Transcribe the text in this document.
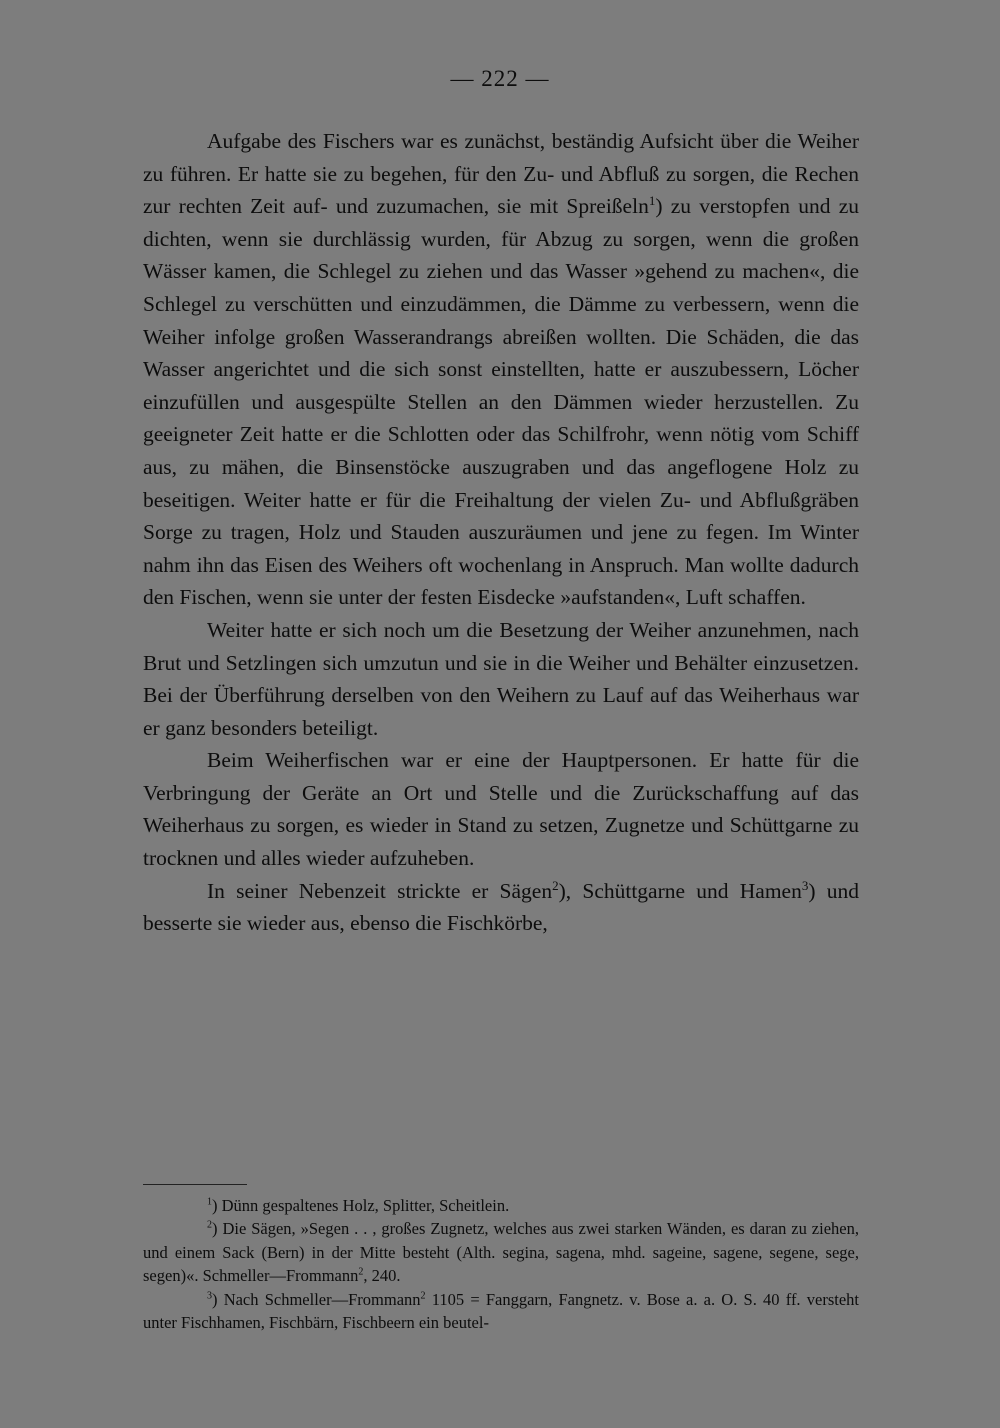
— 222 —

Aufgabe des Fischers war es zunächst, beständig Aufsicht über die Weiher zu führen. Er hatte sie zu begehen, für den Zu- und Abfluß zu sorgen, die Rechen zur rechten Zeit auf- und zuzumachen, sie mit Spreißeln$^1$) zu verstopfen und zu dichten, wenn sie durchlässig wurden, für Abzug zu sorgen, wenn die großen Wässer kamen, die Schlegel zu ziehen und das Wasser »gehend zu machen«, die Schlegel zu verschütten und einzudämmen, die Dämme zu verbessern, wenn die Weiher infolge großen Wasserandrangs abreißen wollten. Die Schäden, die das Wasser angerichtet und die sich sonst einstellten, hatte er auszubessern, Löcher einzufüllen und ausgespülte Stellen an den Dämmen wieder herzustellen. Zu geeigneter Zeit hatte er die Schlotten oder das Schilfrohr, wenn nötig vom Schiff aus, zu mähen, die Binsenstöcke auszugraben und das angeflogene Holz zu beseitigen. Weiter hatte er für die Freihaltung der vielen Zu- und Abflußgräben Sorge zu tragen, Holz und Stauden auszuräumen und jene zu fegen. Im Winter nahm ihn das Eisen des Weihers oft wochenlang in Anspruch. Man wollte dadurch den Fischen, wenn sie unter der festen Eisdecke »aufstanden«, Luft schaffen.

Weiter hatte er sich noch um die Besetzung der Weiher anzunehmen, nach Brut und Setzlingen sich umzutun und sie in die Weiher und Behälter einzusetzen. Bei der Überführung derselben von den Weihern zu Lauf auf das Weiherhaus war er ganz besonders beteiligt.

Beim Weiherfischen war er eine der Hauptpersonen. Er hatte für die Verbringung der Geräte an Ort und Stelle und die Zurückschaffung auf das Weiherhaus zu sorgen, es wieder in Stand zu setzen, Zugnetze und Schüttgarne zu trocknen und alles wieder aufzuheben.

In seiner Nebenzeit strickte er Sägen$^2$), Schüttgarne und Hamen$^3$) und besserte sie wieder aus, ebenso die Fischkörbe,

$^1$) Dünn gespaltenes Holz, Splitter, Scheitlein.

$^2$) Die Sägen, »Segen . . , großes Zugnetz, welches aus zwei starken Wänden, es daran zu ziehen, und einem Sack (Bern) in der Mitte besteht (Alth. segina, sagena, mhd. sageine, sagene, segene, sege, segen)«. Schmeller—Frommann$^2$, 240.

$^3$) Nach Schmeller—Frommann$^2$ 1105 = Fanggarn, Fangnetz. v. Bose a. a. O. S. 40 ff. versteht unter Fischhamen, Fischbärn, Fischbeern ein beutel-
